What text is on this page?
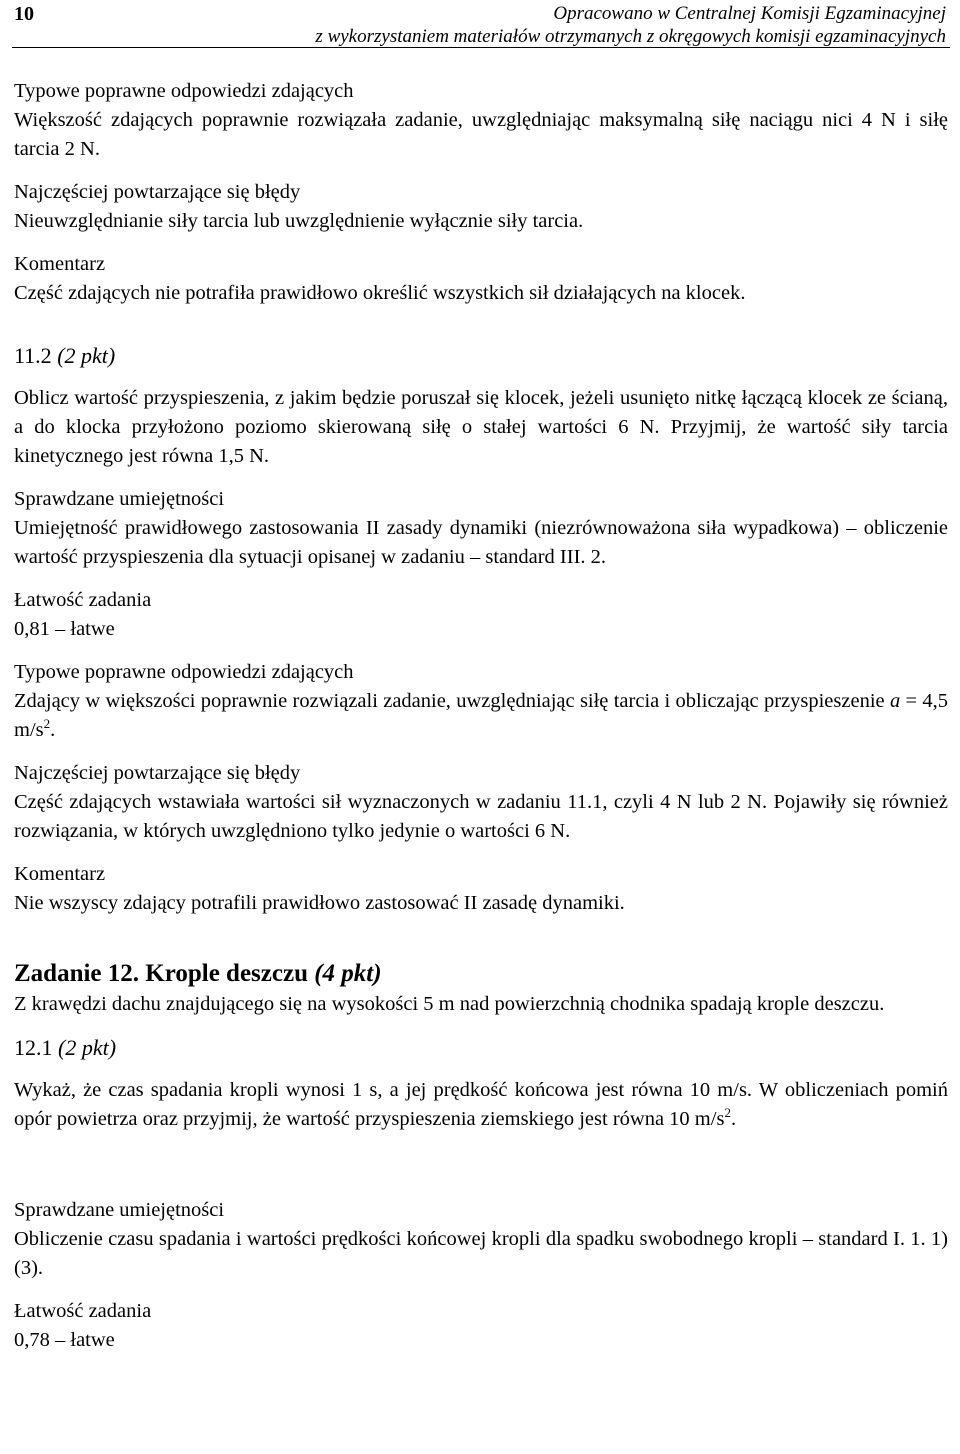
10	Opracowano w Centralnej Komisji Egzaminacyjnej
z wykorzystaniem materiałów otrzymanych z okręgowych komisji egzaminacyjnych
Typowe poprawne odpowiedzi zdających

Większość zdających poprawnie rozwiązała zadanie, uwzględniając maksymalną siłę naciągu nici 4 N i siłę tarcia 2 N.

Najczęściej powtarzające się błędy

Nieuwzględnianie siły tarcia lub uwzględnienie wyłącznie siły tarcia.

Komentarz

Część zdających nie potrafiła prawidłowo określić wszystkich sił działających na klocek.

11.2 (2 pkt)

Oblicz wartość przyspieszenia, z jakim będzie poruszał się klocek, jeżeli usunięto nitkę łączącą klocek ze ścianą, a do klocka przyłożono poziomo skierowaną siłę o stałej wartości 6 N. Przyjmij, że wartość siły tarcia kinetycznego jest równa 1,5 N.

Sprawdzane umiejętności

Umiejętność prawidłowego zastosowania II zasady dynamiki (niezrównoważona siła wypadkowa) – obliczenie wartość przyspieszenia dla sytuacji opisanej w zadaniu – standard III. 2.

Łatwość zadania

0,81 – łatwe

Typowe poprawne odpowiedzi zdających

Zdający w większości poprawnie rozwiązali zadanie, uwzględniając siłę tarcia i obliczając przyspieszenie a = 4,5 $m/s^2$.

Najczęściej powtarzające się błędy

Część zdających wstawiała wartości sił wyznaczonych w zadaniu 11.1, czyli 4 N lub 2 N. Pojawiły się również rozwiązania, w których uwzględniono tylko jedynie o wartości 6 N.

Komentarz

Nie wszyscy zdający potrafili prawidłowo zastosować II zasadę dynamiki.

Zadanie 12. Krople deszczu (4 pkt)

Z krawędzi dachu znajdującego się na wysokości 5 m nad powierzchnią chodnika spadają krople deszczu.

12.1 (2 pkt)

Wykaż, że czas spadania kropli wynosi 1 s, a jej prędkość końcowa jest równa 10 m/s. W obliczeniach pomiń opór powietrza oraz przyjmij, że wartość przyspieszenia ziemskiego jest równa 10 $m/s^2$.

Sprawdzane umiejętności

Obliczenie czasu spadania i wartości prędkości końcowej kropli dla spadku swobodnego kropli – standard I. 1. 1) (3).

Łatwość zadania

0,78 – łatwe
